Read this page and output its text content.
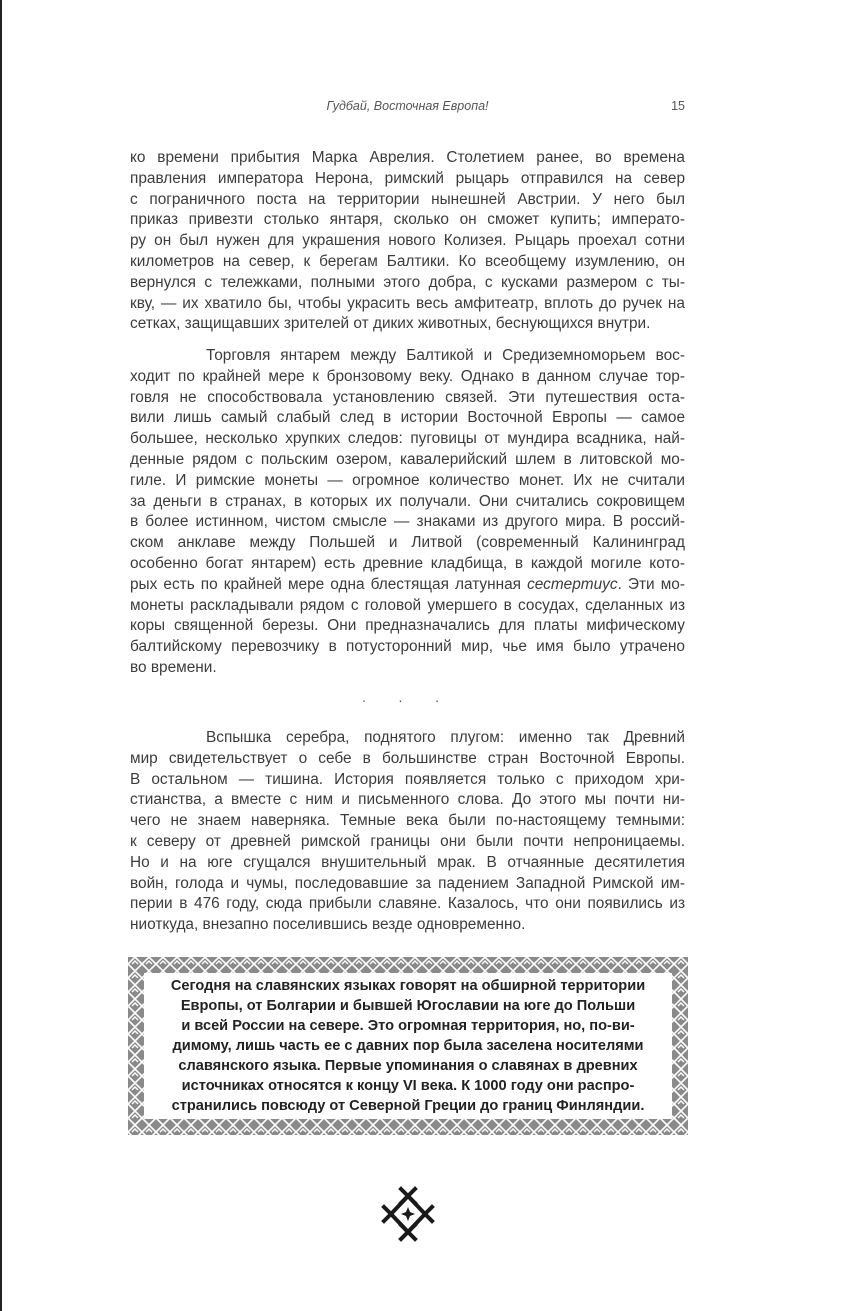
Гудбай, Восточная Европа!	15
ко времени прибытия Марка Аврелия. Столетием ранее, во времена
правления императора Нерона, римский рыцарь отправился на север
с пограничного поста на территории нынешней Австрии. У него был
приказ привезти столько янтаря, сколько он сможет купить; императо-
ру он был нужен для украшения нового Колизея. Рыцарь проехал сотни
километров на север, к берегам Балтики. Ко всеобщему изумлению, он
вернулся с тележками, полными этого добра, с кусками размером с ты-
кву, — их хватило бы, чтобы украсить весь амфитеатр, вплоть до ручек на
сетках, защищавших зрителей от диких животных, беснующихся внутри.
Торговля янтарем между Балтикой и Средиземноморьем вос-
ходит по крайней мере к бронзовому веку. Однако в данном случае тор-
говля не способствовала установлению связей. Эти путешествия оста-
вили лишь самый слабый след в истории Восточной Европы — самое
большее, несколько хрупких следов: пуговицы от мундира всадника, най-
денные рядом с польским озером, кавалерийский шлем в литовской мо-
гиле. И римские монеты — огромное количество монет. Их не считали
за деньги в странах, в которых их получали. Они считались сокровищем
в более истинном, чистом смысле — знаками из другого мира. В россий-
ском анклаве между Польшей и Литвой (современный Калининград
особенно богат янтарем) есть древние кладбища, в каждой могиле кото-
рых есть по крайней мере одна блестящая латунная сестертиус. Эти мо-
монеты раскладывали рядом с головой умершего в сосудах, сделанных из
коры священной березы. Они предназначались для платы мифическому
балтийскому перевозчику в потусторонний мир, чье имя было утрачено
во времени.
· · ·
Вспышка серебра, поднятого плугом: именно так Древний
мир свидетельствует о себе в большинстве стран Восточной Европы.
В остальном — тишина. История появляется только с приходом хри-
стианства, а вместе с ним и письменного слова. До этого мы почти ни-
чего не знаем наверняка. Темные века были по-настоящему темными:
к северу от древней римской границы они были почти непроницаемы.
Но и на юге сгущался внушительный мрак. В отчаянные десятилетия
войн, голода и чумы, последовавшие за падением Западной Римской им-
перии в 476 году, сюда прибыли славяне. Казалось, что они появились из
ниоткуда, внезапно поселившись везде одновременно.
Сегодня на славянских языках говорят на обширной территории
Европы, от Болгарии и бывшей Югославии на юге до Польши
и всей России на севере. Это огромная территория, но, по-ви-
димому, лишь часть ее с давних пор была заселена носителями
славянского языка. Первые упоминания о славянах в древних
источниках относятся к концу VI века. К 1000 году они распро-
странились повсюду от Северной Греции до границ Финляндии.
